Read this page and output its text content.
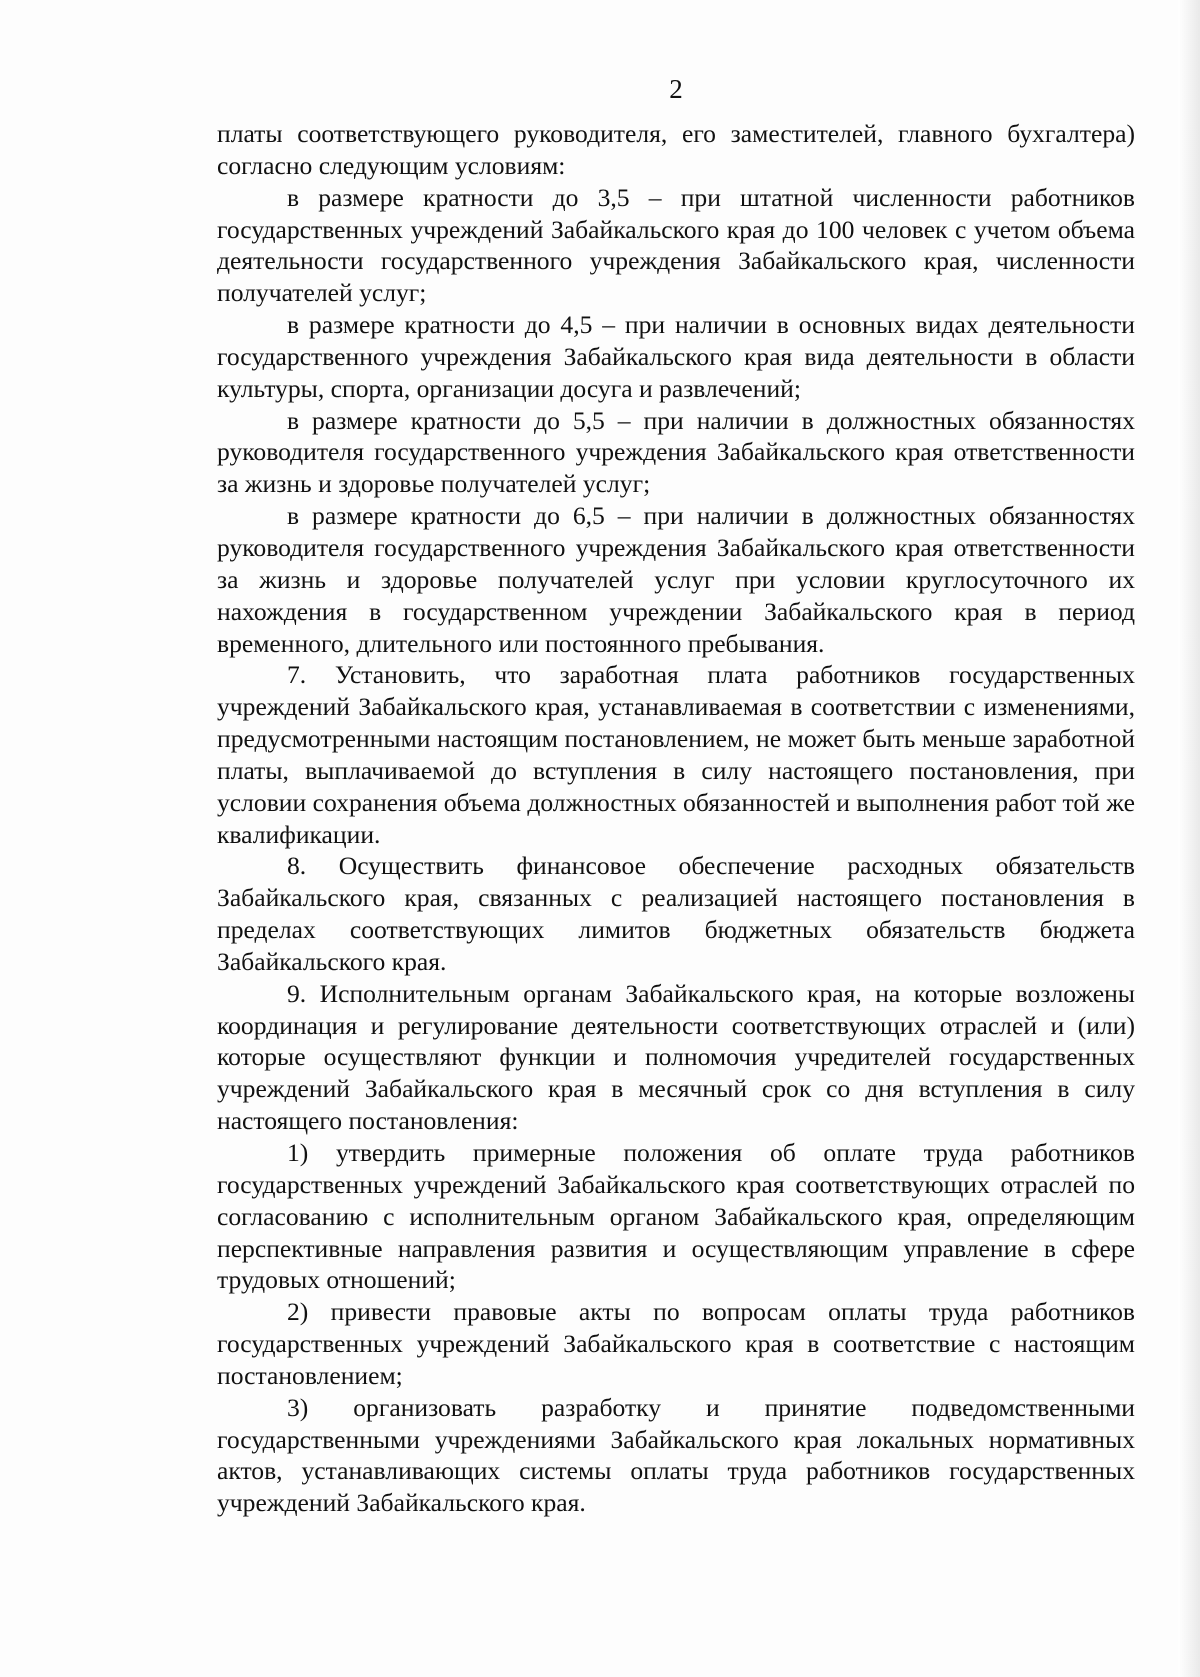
2

платы соответствующего руководителя, его заместителей, главного бухгалтера) согласно следующим условиям:

в размере кратности до 3,5 – при штатной численности работников государственных учреждений Забайкальского края до 100 человек с учетом объема деятельности государственного учреждения Забайкальского края, численности получателей услуг;

в размере кратности до 4,5 – при наличии в основных видах деятельности государственного учреждения Забайкальского края вида деятельности в области культуры, спорта, организации досуга и развлечений;

в размере кратности до 5,5 – при наличии в должностных обязанностях руководителя государственного учреждения Забайкальского края ответственности за жизнь и здоровье получателей услуг;

в размере кратности до 6,5 – при наличии в должностных обязанностях руководителя государственного учреждения Забайкальского края ответственности за жизнь и здоровье получателей услуг при условии круглосуточного их нахождения в государственном учреждении Забайкальского края в период временного, длительного или постоянного пребывания.

7. Установить, что заработная плата работников государственных учреждений Забайкальского края, устанавливаемая в соответствии с изменениями, предусмотренными настоящим постановлением, не может быть меньше заработной платы, выплачиваемой до вступления в силу настоящего постановления, при условии сохранения объема должностных обязанностей и выполнения работ той же квалификации.

8. Осуществить финансовое обеспечение расходных обязательств Забайкальского края, связанных с реализацией настоящего постановления в пределах соответствующих лимитов бюджетных обязательств бюджета Забайкальского края.

9. Исполнительным органам Забайкальского края, на которые возложены координация и регулирование деятельности соответствующих отраслей и (или) которые осуществляют функции и полномочия учредителей государственных учреждений Забайкальского края в месячный срок со дня вступления в силу настоящего постановления:

1) утвердить примерные положения об оплате труда работников государственных учреждений Забайкальского края соответствующих отраслей по согласованию с исполнительным органом Забайкальского края, определяющим перспективные направления развития и осуществляющим управление в сфере трудовых отношений;

2) привести правовые акты по вопросам оплаты труда работников государственных учреждений Забайкальского края в соответствие с настоящим постановлением;

3) организовать разработку и принятие подведомственными государственными учреждениями Забайкальского края локальных нормативных актов, устанавливающих системы оплаты труда работников государственных учреждений Забайкальского края.
